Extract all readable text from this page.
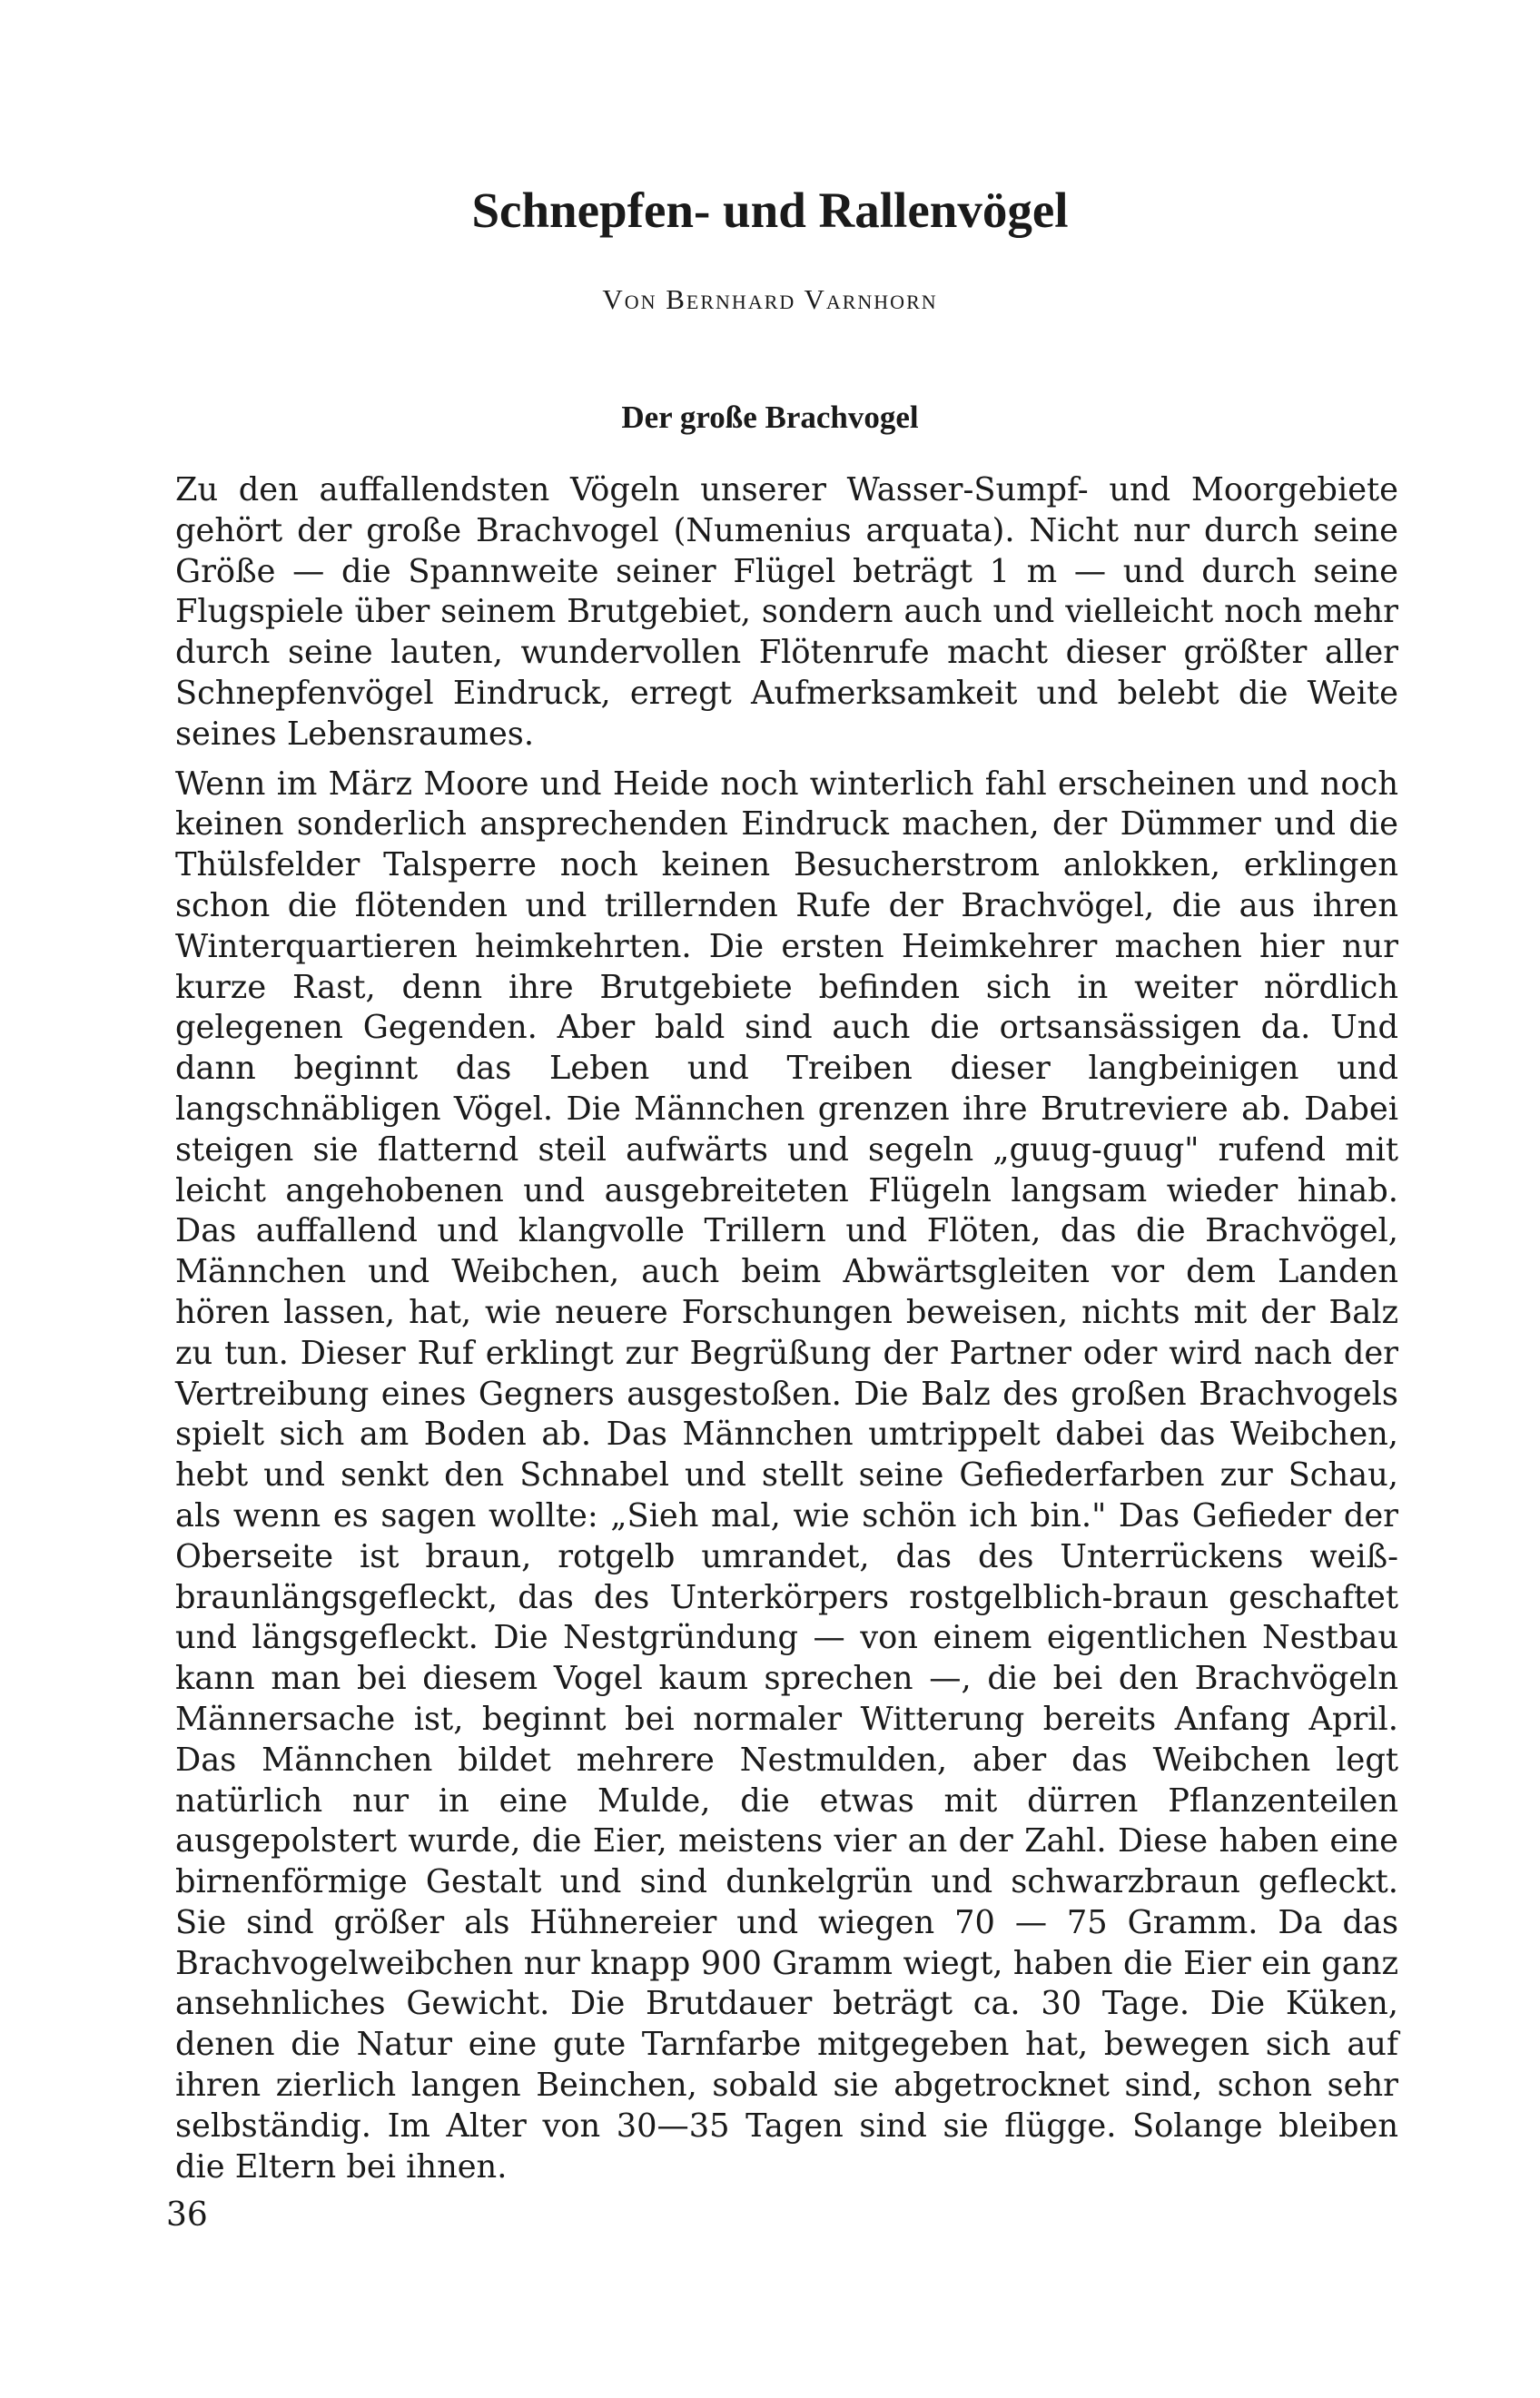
Schnepfen- und Rallenvögel
Von Bernhard Varnhorn
Der große Brachvogel

Zu den auffallendsten Vögeln unserer Wasser-Sumpf- und Moorgebiete gehört der große Brachvogel (Numenius arquata). Nicht nur durch seine Größe — die Spannweite seiner Flügel beträgt 1 m — und durch seine Flugspiele über seinem Brutgebiet, sondern auch und vielleicht noch mehr durch seine lauten, wundervollen Flötenrufe macht dieser größter aller Schnepfenvögel Eindruck, erregt Aufmerksamkeit und belebt die Weite seines Lebensraumes.

Wenn im März Moore und Heide noch winterlich fahl erscheinen und noch keinen sonderlich ansprechenden Eindruck machen, der Dümmer und die Thülsfelder Talsperre noch keinen Besucherstrom anlokken, erklingen schon die flötenden und trillernden Rufe der Brachvögel, die aus ihren Winterquartieren heimkehrten. Die ersten Heimkehrer machen hier nur kurze Rast, denn ihre Brutgebiete befinden sich in weiter nördlich gelegenen Gegenden. Aber bald sind auch die ortsansässigen da. Und dann beginnt das Leben und Treiben dieser langbeinigen und langschnäbligen Vögel. Die Männchen grenzen ihre Brutreviere ab. Dabei steigen sie flatternd steil aufwärts und segeln „guug-guug" rufend mit leicht angehobenen und ausgebreiteten Flügeln langsam wieder hinab. Das auffallend und klangvolle Trillern und Flöten, das die Brachvögel, Männchen und Weibchen, auch beim Abwärtsgleiten vor dem Landen hören lassen, hat, wie neuere Forschungen beweisen, nichts mit der Balz zu tun. Dieser Ruf erklingt zur Begrüßung der Partner oder wird nach der Vertreibung eines Gegners ausgestoßen. Die Balz des großen Brachvogels spielt sich am Boden ab. Das Männchen umtrippelt dabei das Weibchen, hebt und senkt den Schnabel und stellt seine Gefiederfarben zur Schau, als wenn es sagen wollte: „Sieh mal, wie schön ich bin." Das Gefieder der Oberseite ist braun, rotgelb umrandet, das des Unterrückens weiß-braunlängsgefleckt, das des Unterkörpers rostgelblich-braun geschaftet und längsgefleckt. Die Nestgründung — von einem eigentlichen Nestbau kann man bei diesem Vogel kaum sprechen —, die bei den Brachvögeln Männersache ist, beginnt bei normaler Witterung bereits Anfang April. Das Männchen bildet mehrere Nestmulden, aber das Weibchen legt natürlich nur in eine Mulde, die etwas mit dürren Pflanzenteilen ausgepolstert wurde, die Eier, meistens vier an der Zahl. Diese haben eine birnenförmige Gestalt und sind dunkelgrün und schwarzbraun gefleckt. Sie sind größer als Hühnereier und wiegen 70 — 75 Gramm. Da das Brachvogelweibchen nur knapp 900 Gramm wiegt, haben die Eier ein ganz ansehnliches Gewicht. Die Brutdauer beträgt ca. 30 Tage. Die Küken, denen die Natur eine gute Tarnfarbe mitgegeben hat, bewegen sich auf ihren zierlich langen Beinchen, sobald sie abgetrocknet sind, schon sehr selbständig. Im Alter von 30—35 Tagen sind sie flügge. Solange bleiben die Eltern bei ihnen.

36
